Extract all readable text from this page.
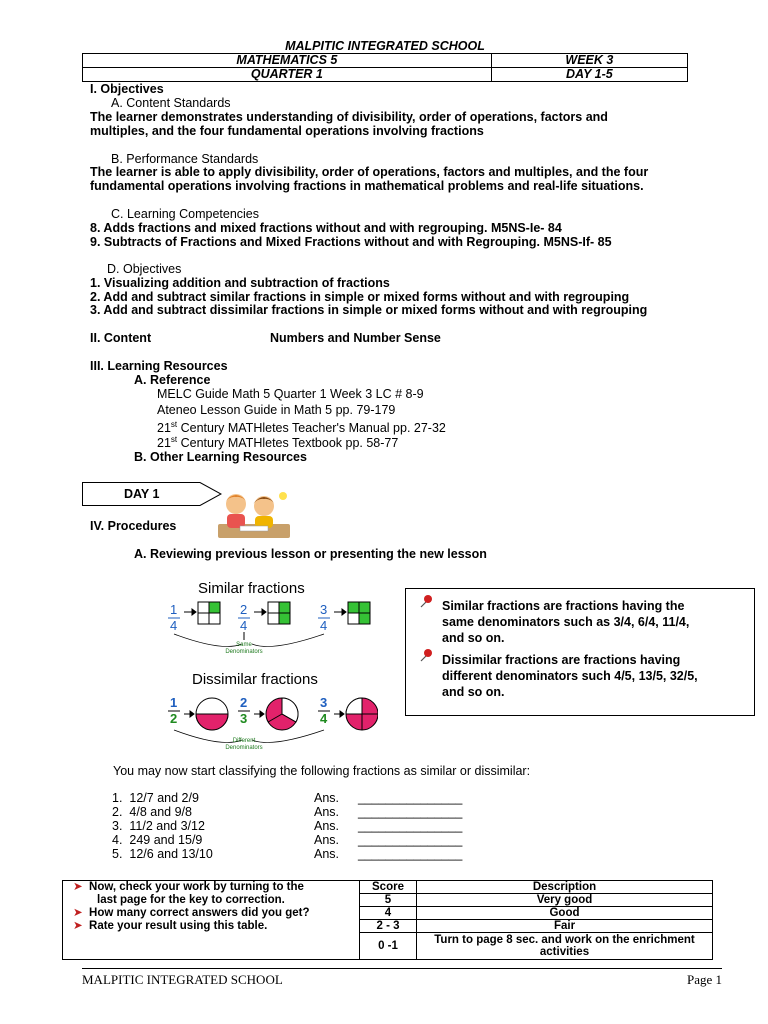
MALPITIC INTEGRATED SCHOOL
MATHEMATICS 5	WEEK 3
QUARTER 1	DAY 1-5
I. Objectives
A. Content Standards
The learner demonstrates understanding of divisibility, order of operations, factors and
multiples, and the four fundamental operations involving fractions
B. Performance Standards
The learner is able to apply divisibility, order of operations, factors and multiples, and the four
fundamental operations involving fractions in mathematical problems and real-life situations.
C. Learning Competencies
8. Adds fractions and mixed fractions without and with regrouping. M5NS-Ie- 84
9. Subtracts of Fractions and Mixed Fractions without and with Regrouping. M5NS-If- 85
D. Objectives
1. Visualizing addition and subtraction of fractions
2. Add and subtract similar fractions in simple or mixed forms without and with regrouping
3. Add and subtract dissimilar fractions in simple or mixed forms without and with regrouping
II. Content	Numbers and Number Sense
III. Learning Resources
A. Reference
MELC Guide Math 5 Quarter 1 Week 3 LC # 8-9
Ateneo Lesson Guide in Math 5 pp. 79-179
21st Century MATHletes Teacher's Manual pp. 27-32
21st Century MATHletes Textbook pp. 58-77
B. Other Learning Resources
DAY 1
IV. Procedures
A. Reviewing previous lesson or presenting the new lesson
Similar fractions
1
4
2
4
3
4
Same
Denominators
Dissimilar fractions
1
2
2
3
3
4
Different
Denominators
Similar fractions are fractions having the
same denominators such as 3/4, 6/4, 11/4,
and so on.
Dissimilar fractions are fractions having
different denominators such 4/5, 13/5, 32/5,
and so on.
You may now start classifying the following fractions as similar or dissimilar:
1. 12/7 and 2/9	Ans. _______________
2. 4/8 and 9/8	Ans. _______________
3. 11/2 and 3/12	Ans. _______________
4. 249 and 15/9	Ans. _______________
5. 12/6 and 13/10	Ans. _______________
➤ Now, check your work by turning to the
last page for the key to correction.
➤ How many correct answers did you get?
➤ Rate your result using this table.	Score	Description
	5	Very good
	4	Good
	2 - 3	Fair
	0 -1	Turn to page 8 sec. and work on the enrichment activities
MALPITIC INTEGRATED SCHOOL	Page 1
